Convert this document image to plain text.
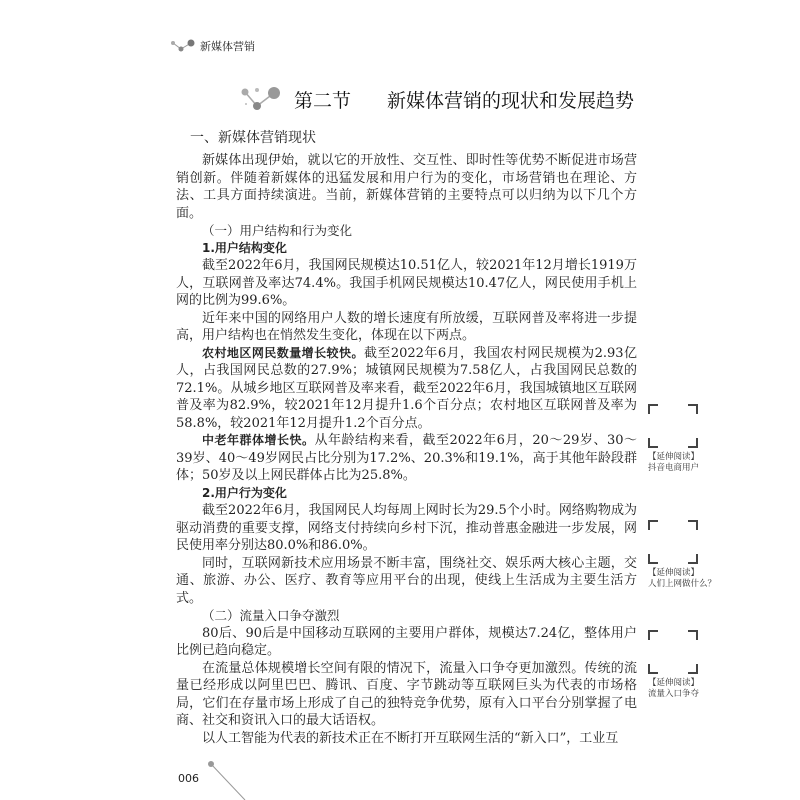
新媒体营销
第二节 新媒体营销的现状和发展趋势
一、新媒体营销现状

新媒体出现伊始，就以它的开放性、交互性、即时性等优势不断促进市场营销创新。伴随着新媒体的迅猛发展和用户行为的变化，市场营销也在理论、方法、工具方面持续演进。当前，新媒体营销的主要特点可以归纳为以下几个方面。

（一）用户结构和行为变化
1.用户结构变化

截至2022年6月，我国网民规模达10.51亿人，较2021年12月增长1919万人，互联网普及率达74.4%。我国手机网民规模达10.47亿人，网民使用手机上网的比例为99.6%。

近年来中国的网络用户人数的增长速度有所放缓，互联网普及率将进一步提高，用户结构也在悄然发生变化，体现在以下两点。

农村地区网民数量增长较快。截至2022年6月，我国农村网民规模为2.93亿人，占我国网民总数的27.9%；城镇网民规模为7.58亿人，占我国网民总数的72.1%。从城乡地区互联网普及率来看，截至2022年6月，我国城镇地区互联网普及率为82.9%，较2021年12月提升1.6个百分点；农村地区互联网普及率为58.8%，较2021年12月提升1.2个百分点。

中老年群体增长快。从年龄结构来看，截至2022年6月，20～29岁、30～39岁、40～49岁网民占比分别为17.2%、20.3%和19.1%，高于其他年龄段群体；50岁及以上网民群体占比为25.8%。

2.用户行为变化

截至2022年6月，我国网民人均每周上网时长为29.5个小时。网络购物成为驱动消费的重要支撑，网络支付持续向乡村下沉，推动普惠金融进一步发展，网民使用率分别达80.0%和86.0%。

同时，互联网新技术应用场景不断丰富，围绕社交、娱乐两大核心主题，交通、旅游、办公、医疗、教育等应用平台的出现，使线上生活成为主要生活方式。

（二）流量入口争夺激烈

80后、90后是中国移动互联网的主要用户群体，规模达7.24亿，整体用户比例已趋向稳定。

在流量总体规模增长空间有限的情况下，流量入口争夺更加激烈。传统的流量已经形成以阿里巴巴、腾讯、百度、字节跳动等互联网巨头为代表的市场格局，它们在存量市场上形成了自己的独特竞争优势，原有入口平台分别掌握了电商、社交和资讯入口的最大话语权。

以人工智能为代表的新技术正在不断打开互联网生活的“新入口”，工业互

【延伸阅读】
抖音电商用户
【延伸阅读】
人们上网做什么？
【延伸阅读】
流量入口争夺
006
